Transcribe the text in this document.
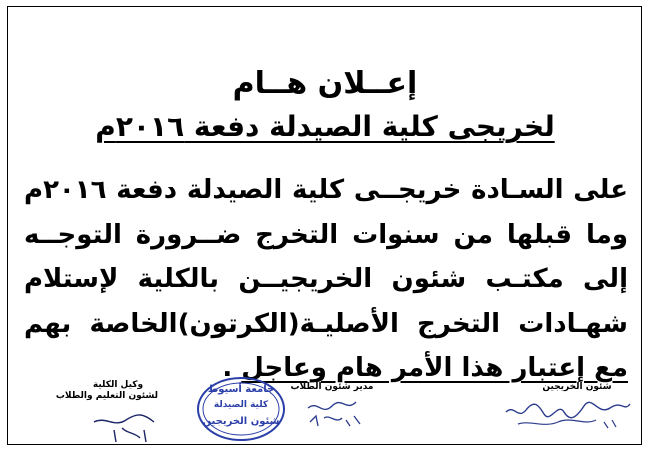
إعــلان هــام
لخريجى كلية الصيدلة دفعة ٢٠١٦م
على السـادة خريجــى كلية الصيدلة دفعة ٢٠١٦م
وما قبلها من سنوات التخرج ضــرورة التوجــه
إلى مكتـب شئون الخريجيــن بالكلية لإستلام
شهـادات التخرج الأصليـة(الكرتون)الخاصة بهم
مع إعتبار هذا الأمر هام وعاجل .
شئون الخريجين
مدير شئون الطلاب
وكيل الكلية
لشئون التعليم والطلاب
جامعة أسيوط
كلية الصيدلة
شئون الخريجين
